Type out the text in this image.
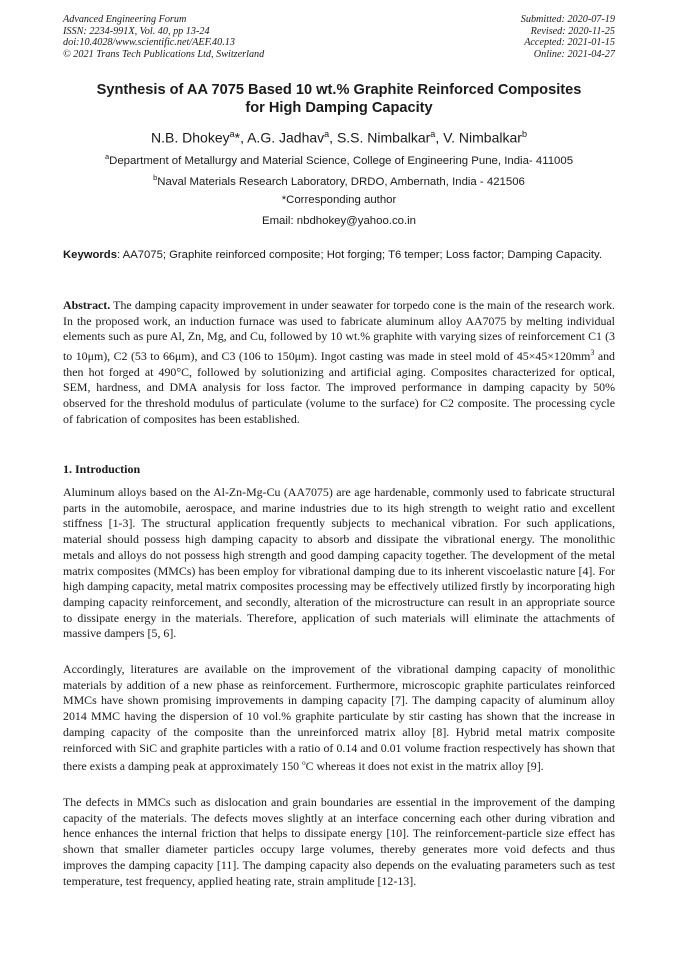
Advanced Engineering Forum
ISSN: 2234-991X, Vol. 40, pp 13-24
doi:10.4028/www.scientific.net/AEF.40.13
© 2021 Trans Tech Publications Ltd, Switzerland
Submitted: 2020-07-19
Revised: 2020-11-25
Accepted: 2021-01-15
Online: 2021-04-27
Synthesis of AA 7075 Based 10 wt.% Graphite Reinforced Composites
for High Damping Capacity
N.B. Dhokey$^a$*, A.G. Jadhav$^a$, S.S. Nimbalkar$^a$, V. Nimbalkar$^b$
$^a$Department of Metallurgy and Material Science, College of Engineering Pune, India- 411005
$^b$Naval Materials Research Laboratory, DRDO, Ambernath, India - 421506
*Corresponding author
Email: nbdhokey@yahoo.co.in
Keywords: AA7075; Graphite reinforced composite; Hot forging; T6 temper; Loss factor; Damping Capacity.
Abstract. The damping capacity improvement in under seawater for torpedo cone is the main of the research work. In the proposed work, an induction furnace was used to fabricate aluminum alloy AA7075 by melting individual elements such as pure Al, Zn, Mg, and Cu, followed by 10 wt.% graphite with varying sizes of reinforcement C1 (3 to 10μm), C2 (53 to 66μm), and C3 (106 to 150μm). Ingot casting was made in steel mold of $45\times 45\times 120mm^3$ and then hot forged at 490°C, followed by solutionizing and artificial aging. Composites characterized for optical, SEM, hardness, and DMA analysis for loss factor. The improved performance in damping capacity by 50% observed for the threshold modulus of particulate (volume to the surface) for C2 composite. The processing cycle of fabrication of composites has been established.
1. Introduction
Aluminum alloys based on the Al-Zn-Mg-Cu (AA7075) are age hardenable, commonly used to fabricate structural parts in the automobile, aerospace, and marine industries due to its high strength to weight ratio and excellent stiffness [1-3]. The structural application frequently subjects to mechanical vibration. For such applications, material should possess high damping capacity to absorb and dissipate the vibrational energy. The monolithic metals and alloys do not possess high strength and good damping capacity together. The development of the metal matrix composites (MMCs) has been employ for vibrational damping due to its inherent viscoelastic nature [4]. For high damping capacity, metal matrix composites processing may be effectively utilized firstly by incorporating high damping capacity reinforcement, and secondly, alteration of the microstructure can result in an appropriate source to dissipate energy in the materials. Therefore, application of such materials will eliminate the attachments of massive dampers [5, 6].
Accordingly, literatures are available on the improvement of the vibrational damping capacity of monolithic materials by addition of a new phase as reinforcement. Furthermore, microscopic graphite particulates reinforced MMCs have shown promising improvements in damping capacity [7]. The damping capacity of aluminum alloy 2014 MMC having the dispersion of 10 vol.% graphite particulate by stir casting has shown that the increase in damping capacity of the composite than the unreinforced matrix alloy [8]. Hybrid metal matrix composite reinforced with SiC and graphite particles with a ratio of 0.14 and 0.01 volume fraction respectively has shown that there exists a damping peak at approximately 150 $^o$C whereas it does not exist in the matrix alloy [9].
The defects in MMCs such as dislocation and grain boundaries are essential in the improvement of the damping capacity of the materials. The defects moves slightly at an interface concerning each other during vibration and hence enhances the internal friction that helps to dissipate energy [10]. The reinforcement-particle size effect has shown that smaller diameter particles occupy large volumes, thereby generates more void defects and thus improves the damping capacity [11]. The damping capacity also depends on the evaluating parameters such as test temperature, test frequency, applied heating rate, strain amplitude [12-13].
